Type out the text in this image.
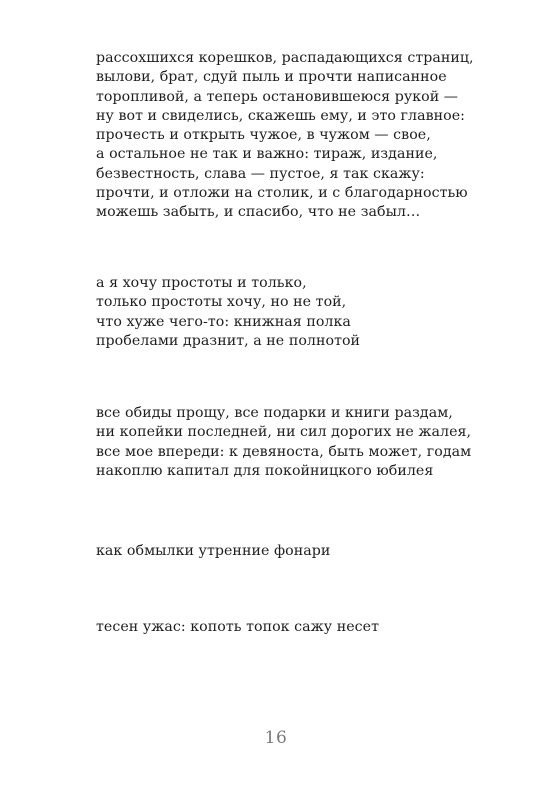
рассохшихся корешков, распадающихся страниц,
вылови, брат, сдуй пыль и прочти написанное
торопливой, а теперь остановившеюся рукой —
ну вот и свиделись, скажешь ему, и это главное:
прочесть и открыть чужое, в чужом — свое,
а остальное не так и важно: тираж, издание,
безвестность, слава — пустое, я так скажу:
прочти, и отложи на столик, и с благодарностью
можешь забыть, и спасибо, что не забыл…
а я хочу простоты и только,
только простоты хочу, но не той,
что хуже чего-то: книжная полка
пробелами дразнит, а не полнотой
все обиды прощу, все подарки и книги раздам,
ни копейки последней, ни сил дорогих не жалея,
все мое впереди: к девяноста, быть может, годам
накоплю капитал для покойницкого юбилея
как обмылки утренние фонари
тесен ужас: копоть топок сажу несет
16
